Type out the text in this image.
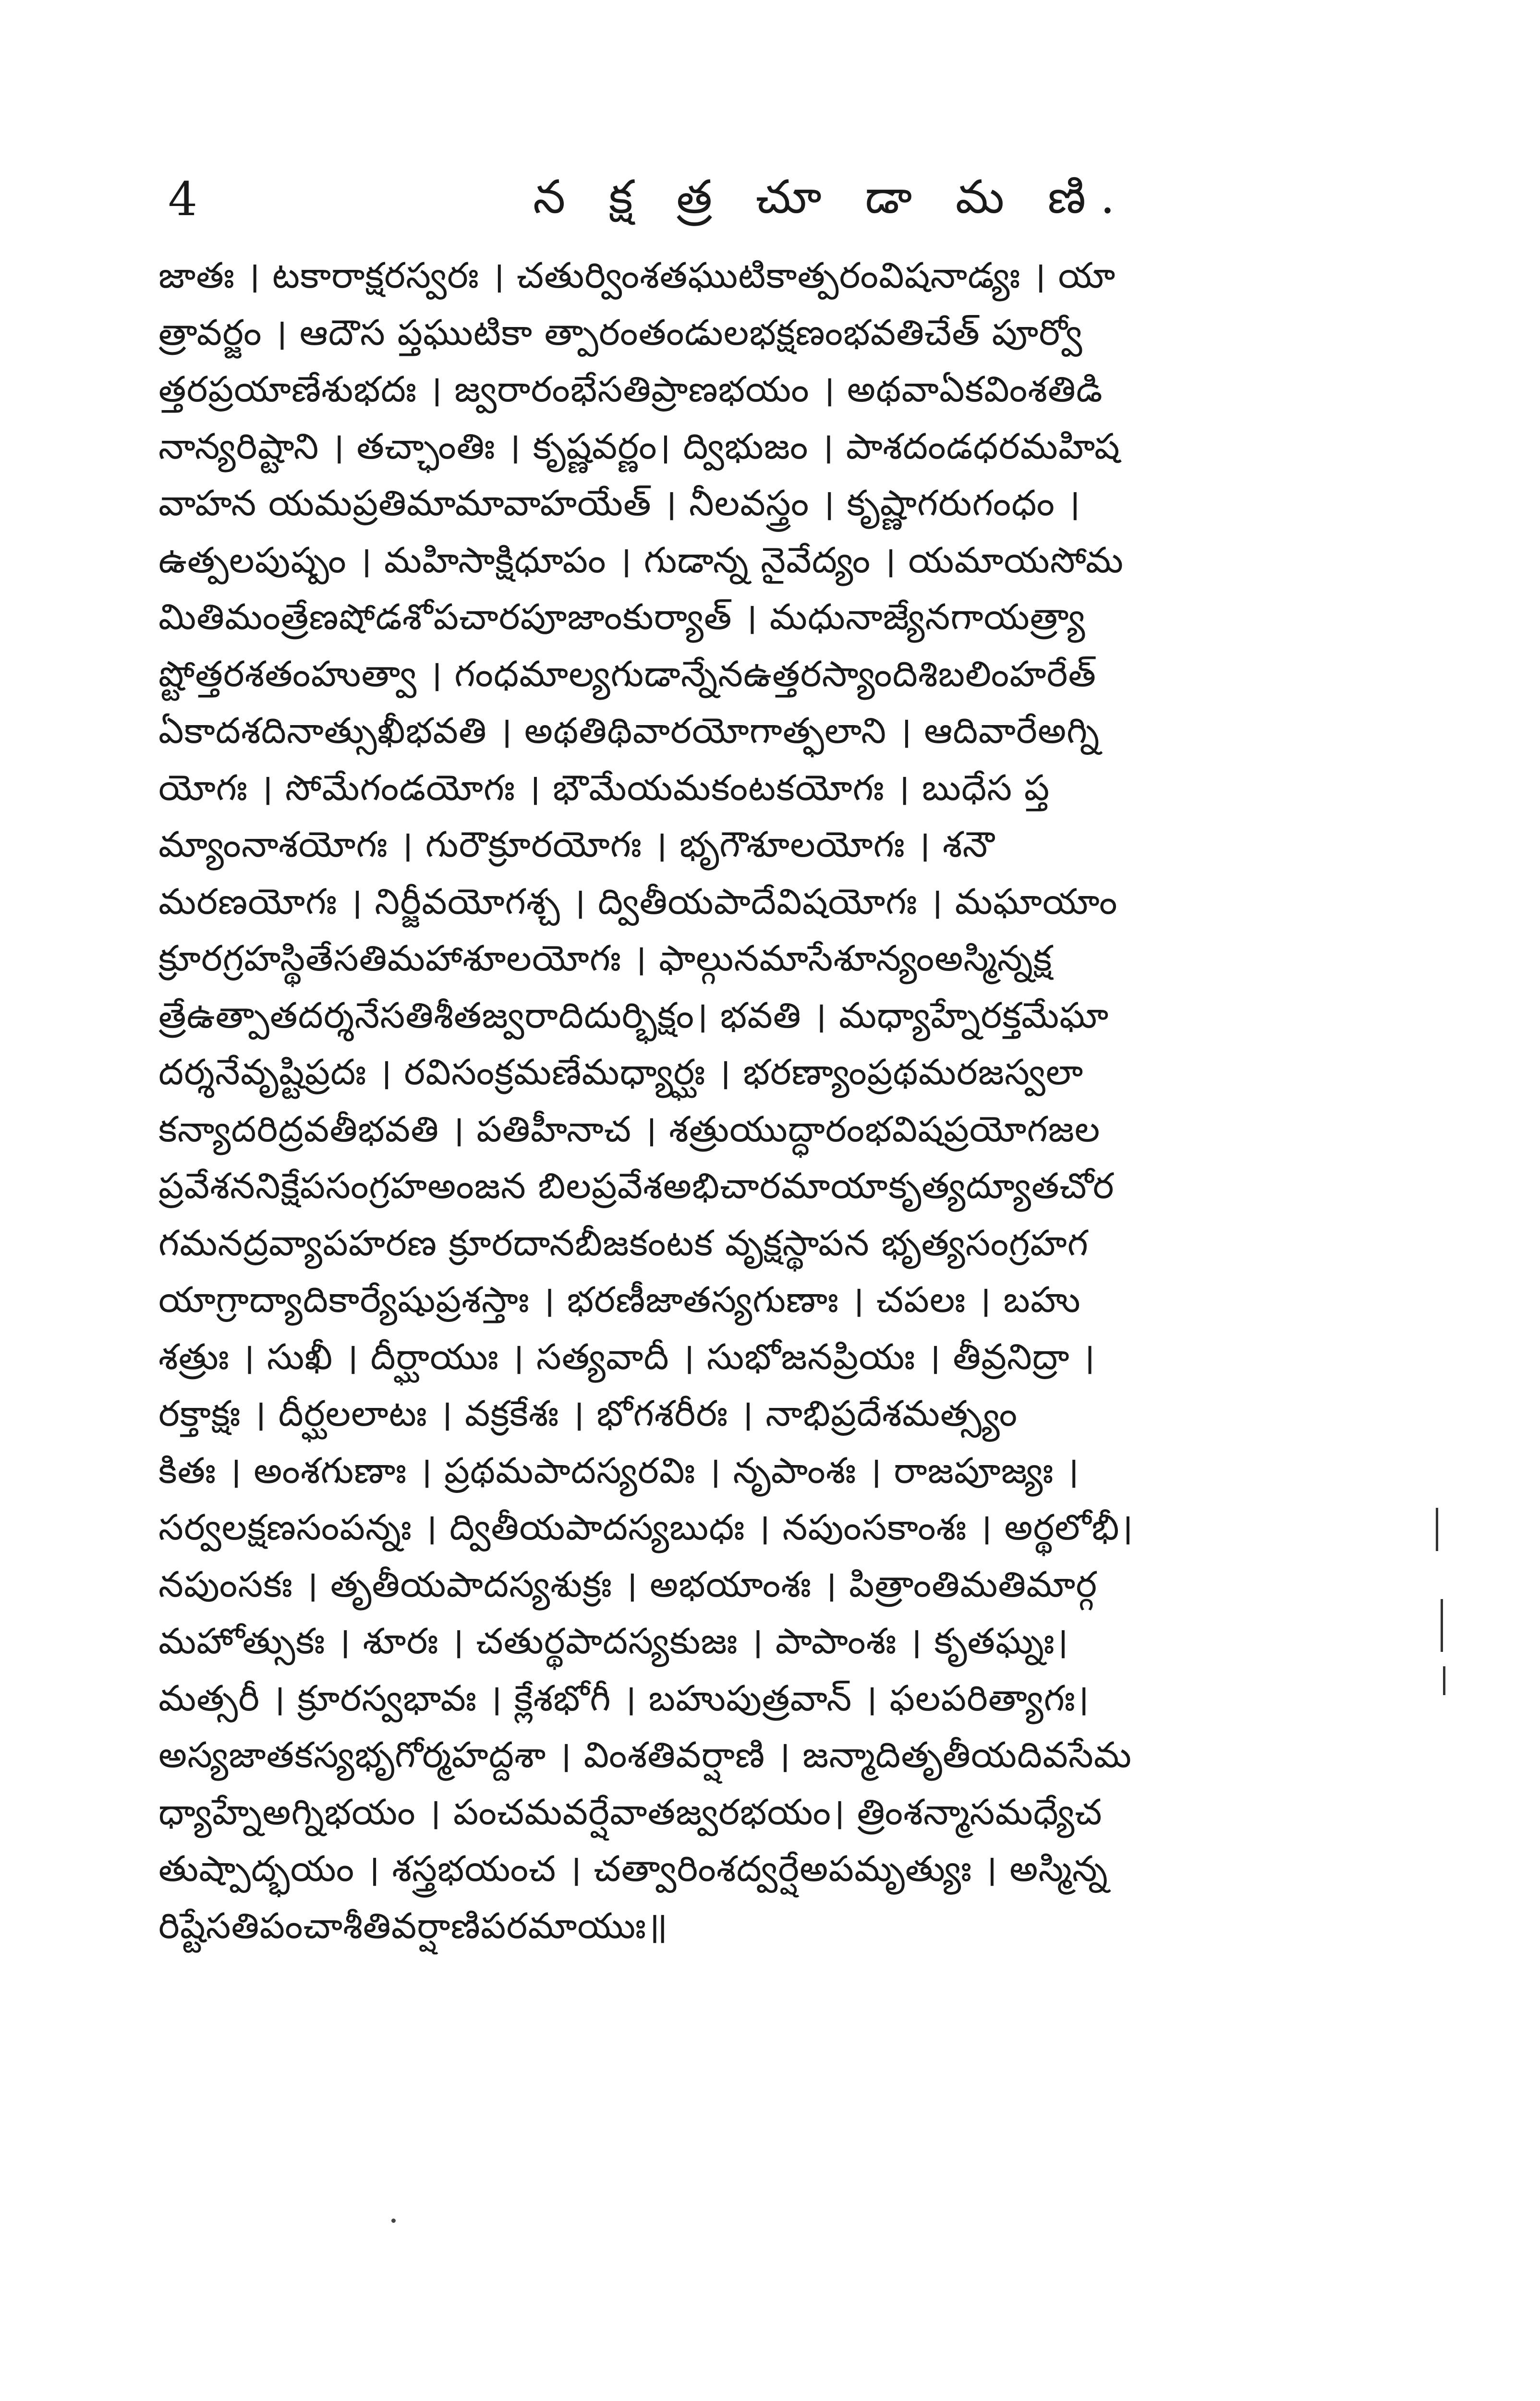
4	న క్ష త్ర చూ డా మ ణి.
జాతః । టకారాక్షరస్వరః । చతుర్వింశతఘుటికాత్పరంవిషనాడ్యః । యా
త్రావర్జం । ఆదౌస ప్తఘుటికా త్పారంతండులభక్షణంభవతిచేత్ పూర్వో
త్తరప్రయాణేశుభదః । జ్వరారంభేసతిప్రాణభయం । అథవాఏకవింశతిడి
నాన్యరిష్టాని । తచ్ఛాంతిః । కృష్ణవర్ణం। ద్విభుజం । పాశదండధరమహిష
వాహన యమప్రతిమామావాహయేత్ । నీలవస్త్రం । కృష్ణాగరుగంధం ।
ఉత్పలపుష్పం । మహిసాక్షిధూపం । గుడాన్న నైవేద్యం । యమాయసోమ
మితిమంత్రేణషోడశోపచారపూజాంకుర్యాత్ । మధునాజ్యేనగాయత్ర్యా
ష్టోత్తరశతంహుత్వా । గంధమాల్యగుడాన్నేనఉత్తరస్యాందిశిబలింహరేత్
ఏకాదశదినాత్సుఖీభవతి । అథతిథివారయోగాత్ఫలాని । ఆదివారేఅగ్ని
యోగః । సోమేగండయోగః । భౌమేయమకంటకయోగః । బుధేస ప్త
మ్యాంనాశయోగః । గురౌక్రూరయోగః । భృగౌశూలయోగః । శనౌ
మరణయోగః । నిర్జీవయోగశ్చ । ద్వితీయపాదేవిషయోగః । మఘాయాం
క్రూరగ్రహస్థితేసతిమహాశూలయోగః । ఫాల్గునమాసేశూన్యంఅస్మిన్నక్ష
త్రేఉత్పాతదర్శనేసతిశీతజ్వరాదిదుర్భిక్షం। భవతి । మధ్యాహ్నేరక్తమేఘా
దర్శనేవృష్టిప్రదః । రవిసంక్రమణేమధ్యార్ఘః । భరణ్యాంప్రథమరజస్వలా
కన్యాదరిద్రవతీభవతి । పతిహీనాచ । శత్రుయుద్ధారంభవిషప్రయోగజల
ప్రవేశననిక్షేపసంగ్రహఅంజన బిలప్రవేశఅభిచారమాయాకృత్యద్యూతచోర
గమనద్రవ్యాపహరణ క్రూరదానబీజకంటక వృక్షస్థాపన భృత్యసంగ్రహగ
యాగ్రాద్యాదికార్యేషుప్రశస్తాః । భరణీజాతస్యగుణాః । చపలః । బహు
శత్రుః । సుఖీ । దీర్ఘాయుః । సత్యవాదీ । సుభోజనప్రియః । తీవ్రనిద్రా ।
రక్తాక్షః । దీర్ఘలలాటః । వక్రకేశః । భోగశరీరః । నాభిప్రదేశమత్స్యం
కితః । అంశగుణాః । ప్రథమపాదస్యరవిః । నృపాంశః । రాజపూజ్యః ।
సర్వలక్షణసంపన్నః । ద్వితీయపాదస్యబుధః । నపుంసకాంశః । అర్థలోభీ।
నపుంసకః । తృతీయపాదస్యశుక్రః । అభయాంశః । పిత్రాంతిమతిమార్గ
మహోత్సుకః । శూరః । చతుర్థపాదస్యకుజః । పాపాంశః । కృతఘ్నః।
మత్సరీ । క్రూరస్వభావః । క్లేశభోగీ । బహుపుత్రవాన్ । ఫలపరిత్యాగః।
అస్యజాతకస్యభృగోర్మహద్దశా । వింశతివర్షాణి । జన్మాదితృతీయదివసేమ
ధ్యాహ్నేఅగ్నిభయం । పంచమవర్షేవాతజ్వరభయం। త్రింశన్మాసమధ్యేచ
తుష్పాద్భయం । శస్త్రభయంచ । చత్వారింశద్వర్షేఅపమృత్యుః । అస్మిన్న
రిష్టేసతిపంచాశీతివర్షాణిపరమాయుః॥
